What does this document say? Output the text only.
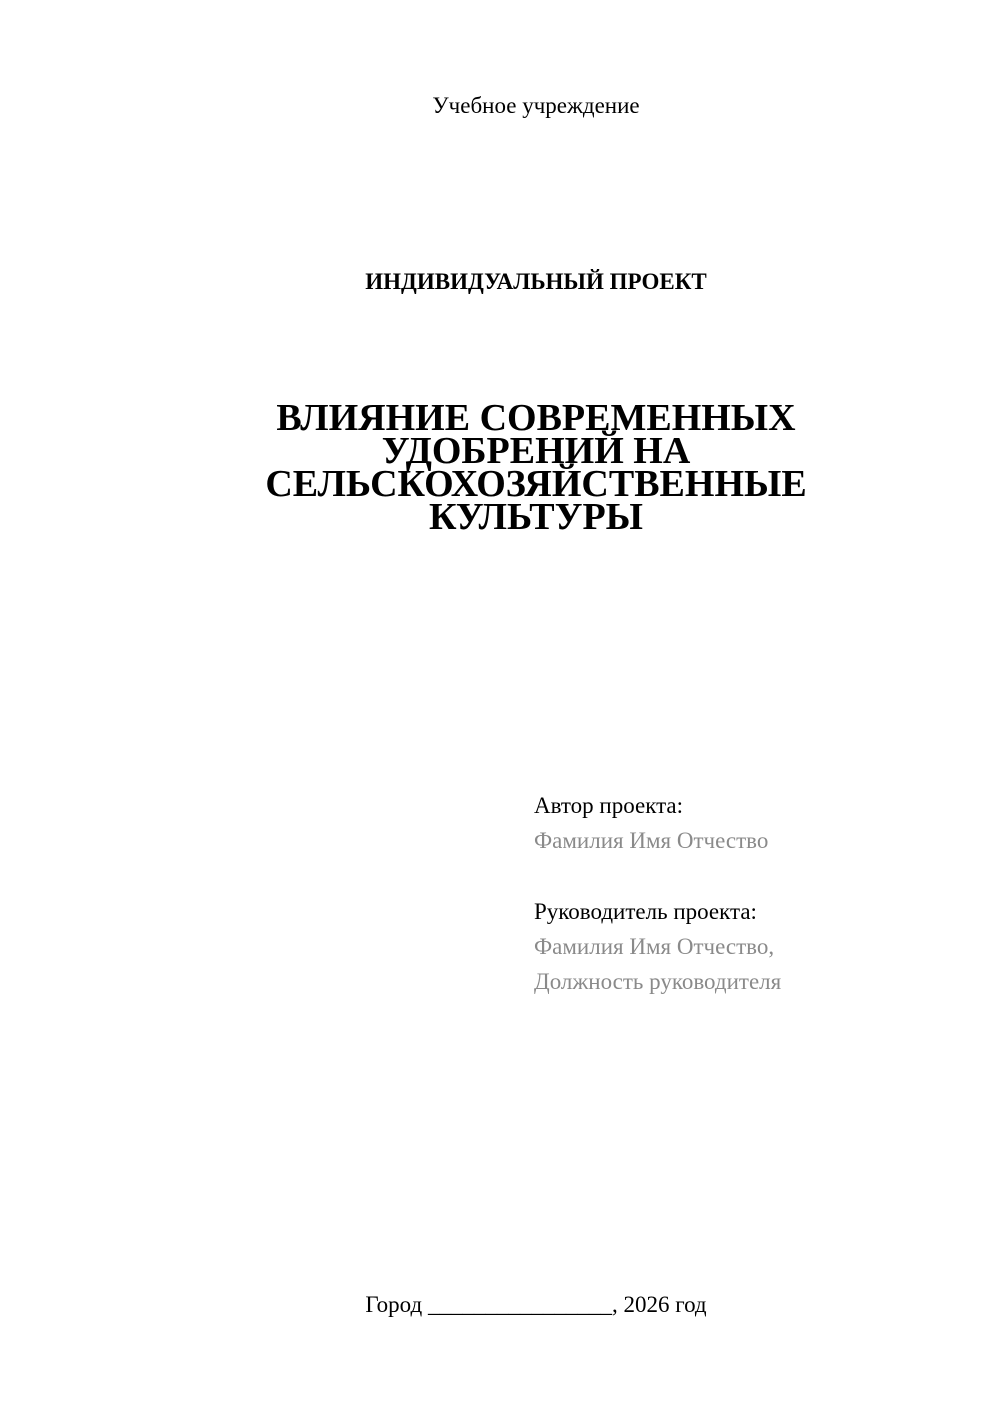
Учебное учреждение
ИНДИВИДУАЛЬНЫЙ ПРОЕКТ
ВЛИЯНИЕ СОВРЕМЕННЫХ
УДОБРЕНИЙ НА
СЕЛЬСКОХОЗЯЙСТВЕННЫЕ
КУЛЬТУРЫ
Автор проекта:
Фамилия Имя Отчество
Руководитель проекта:
Фамилия Имя Отчество,
Должность руководителя
Город ________________, 2026 год
